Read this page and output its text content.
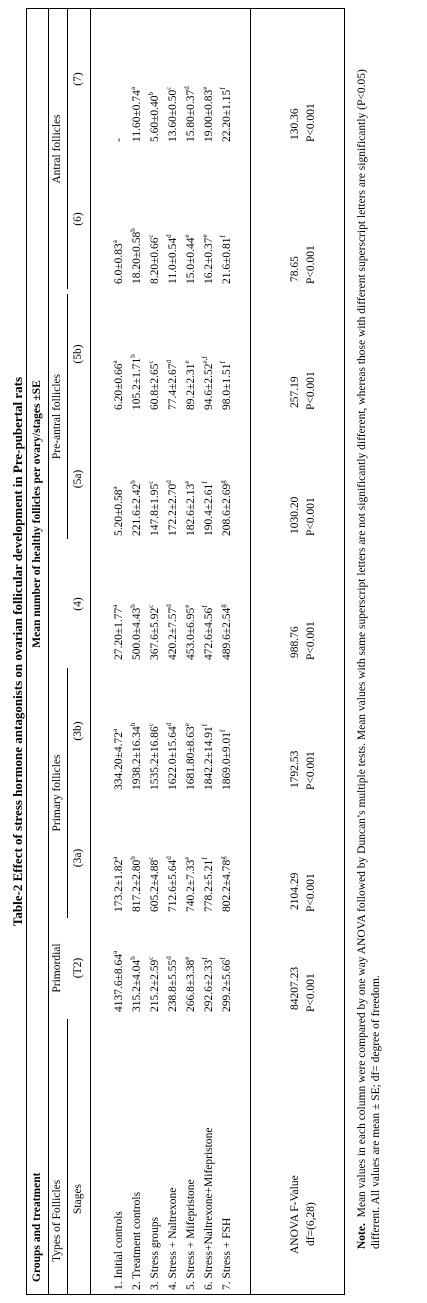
Table-2 Effect of stress hormone antagonists on ovarian follicular development in Pre-pubertal rats
Groups and treatment
Mean number of healthy follicles per ovary/stages ±SE
Types of Follicles Stages
Primordial
Primary follicles
Pre-antral follicles
Antral follicles
(T2)
(3a)
(3b)
(4)
(5a)
(5b)
(6)
(7)
1. Initial controls 2. Treatment controls 3. Stress groups 4. Stress + Naltrexone 5. Stress + Mifepristone 6. Stress+Naltrexone+Mifepristone 7. Stress + FSH
4137.6±8.64$^a$
173.2±1.82$^a$
334.20±4.72$^a$
27.20±1.77$^a$
5.20±0.58$^a$
6.20±0.66$^a$
6.0±0.83$^a$
-
315.2±4.04$^b$
817.2±2.80$^b$
1938.2±16.34$^b$
500.0±4.43$^b$
221.6±2.42$^b$
105.2±1.71$^b$
18.20±0.58$^b$
11.60±0.74$^a$
215.2±2.59$^c$
605.2±4.88$^c$
1535.2±16.86$^c$
367.6±5.92$^c$
147.8±1.95$^c$
60.8±2.65$^c$
8.20±0.66$^c$
5.60±0.40$^b$
238.8±5.55$^d$
712.6±5.64$^d$
1622.0±15.64$^d$
420.2±7.57$^d$
172.2±2.70$^d$
77.4±2.67$^d$
11.0±0.54$^d$
13.60±0.50$^c$
266.8±3.38$^e$
740.2±7.33$^e$
1681.80±8.63$^e$
453.0±6.95$^e$
182.6±2.13$^e$
89.2±2.31$^e$
15.0±0.44$^e$
15.80±0.37$^d$
292.6±2.33$^f$
778.2±5.21$^f$
1842.2±14.91$^f$
472.6±4.56$^f$
190.4±2.61$^f$
$94.6\pm 2.52^{e,f}$
16.2±0.37$^e$
19.00±0.83$^e$
299.2±5.66$^f$
802.2±4.78$^g$
1869.0±9.01$^f$
489.6±2.54$^g$
208.6±2.69$^g$
98.0±1.51$^f$
21.6±0.81$^f$
22.20±1.15$^f$
ANOVA F-Value df=(6,28)
84207.23 P<0.001
2104.29 P<0.001
1792.53 P<0.001
988.76 P<0.001
1030.20 P<0.001
257.19 P<0.001
78.65 P<0.001
130.36 P<0.001
Note.  Mean values in each column were compared by one way ANOVA followed by Duncan’s multiple tests. Mean values with same superscript letters are not significantly different, whereas those with different superscript letters are significantly (P<0.05) different. All values are mean ± SE; df= degree of freedom.
